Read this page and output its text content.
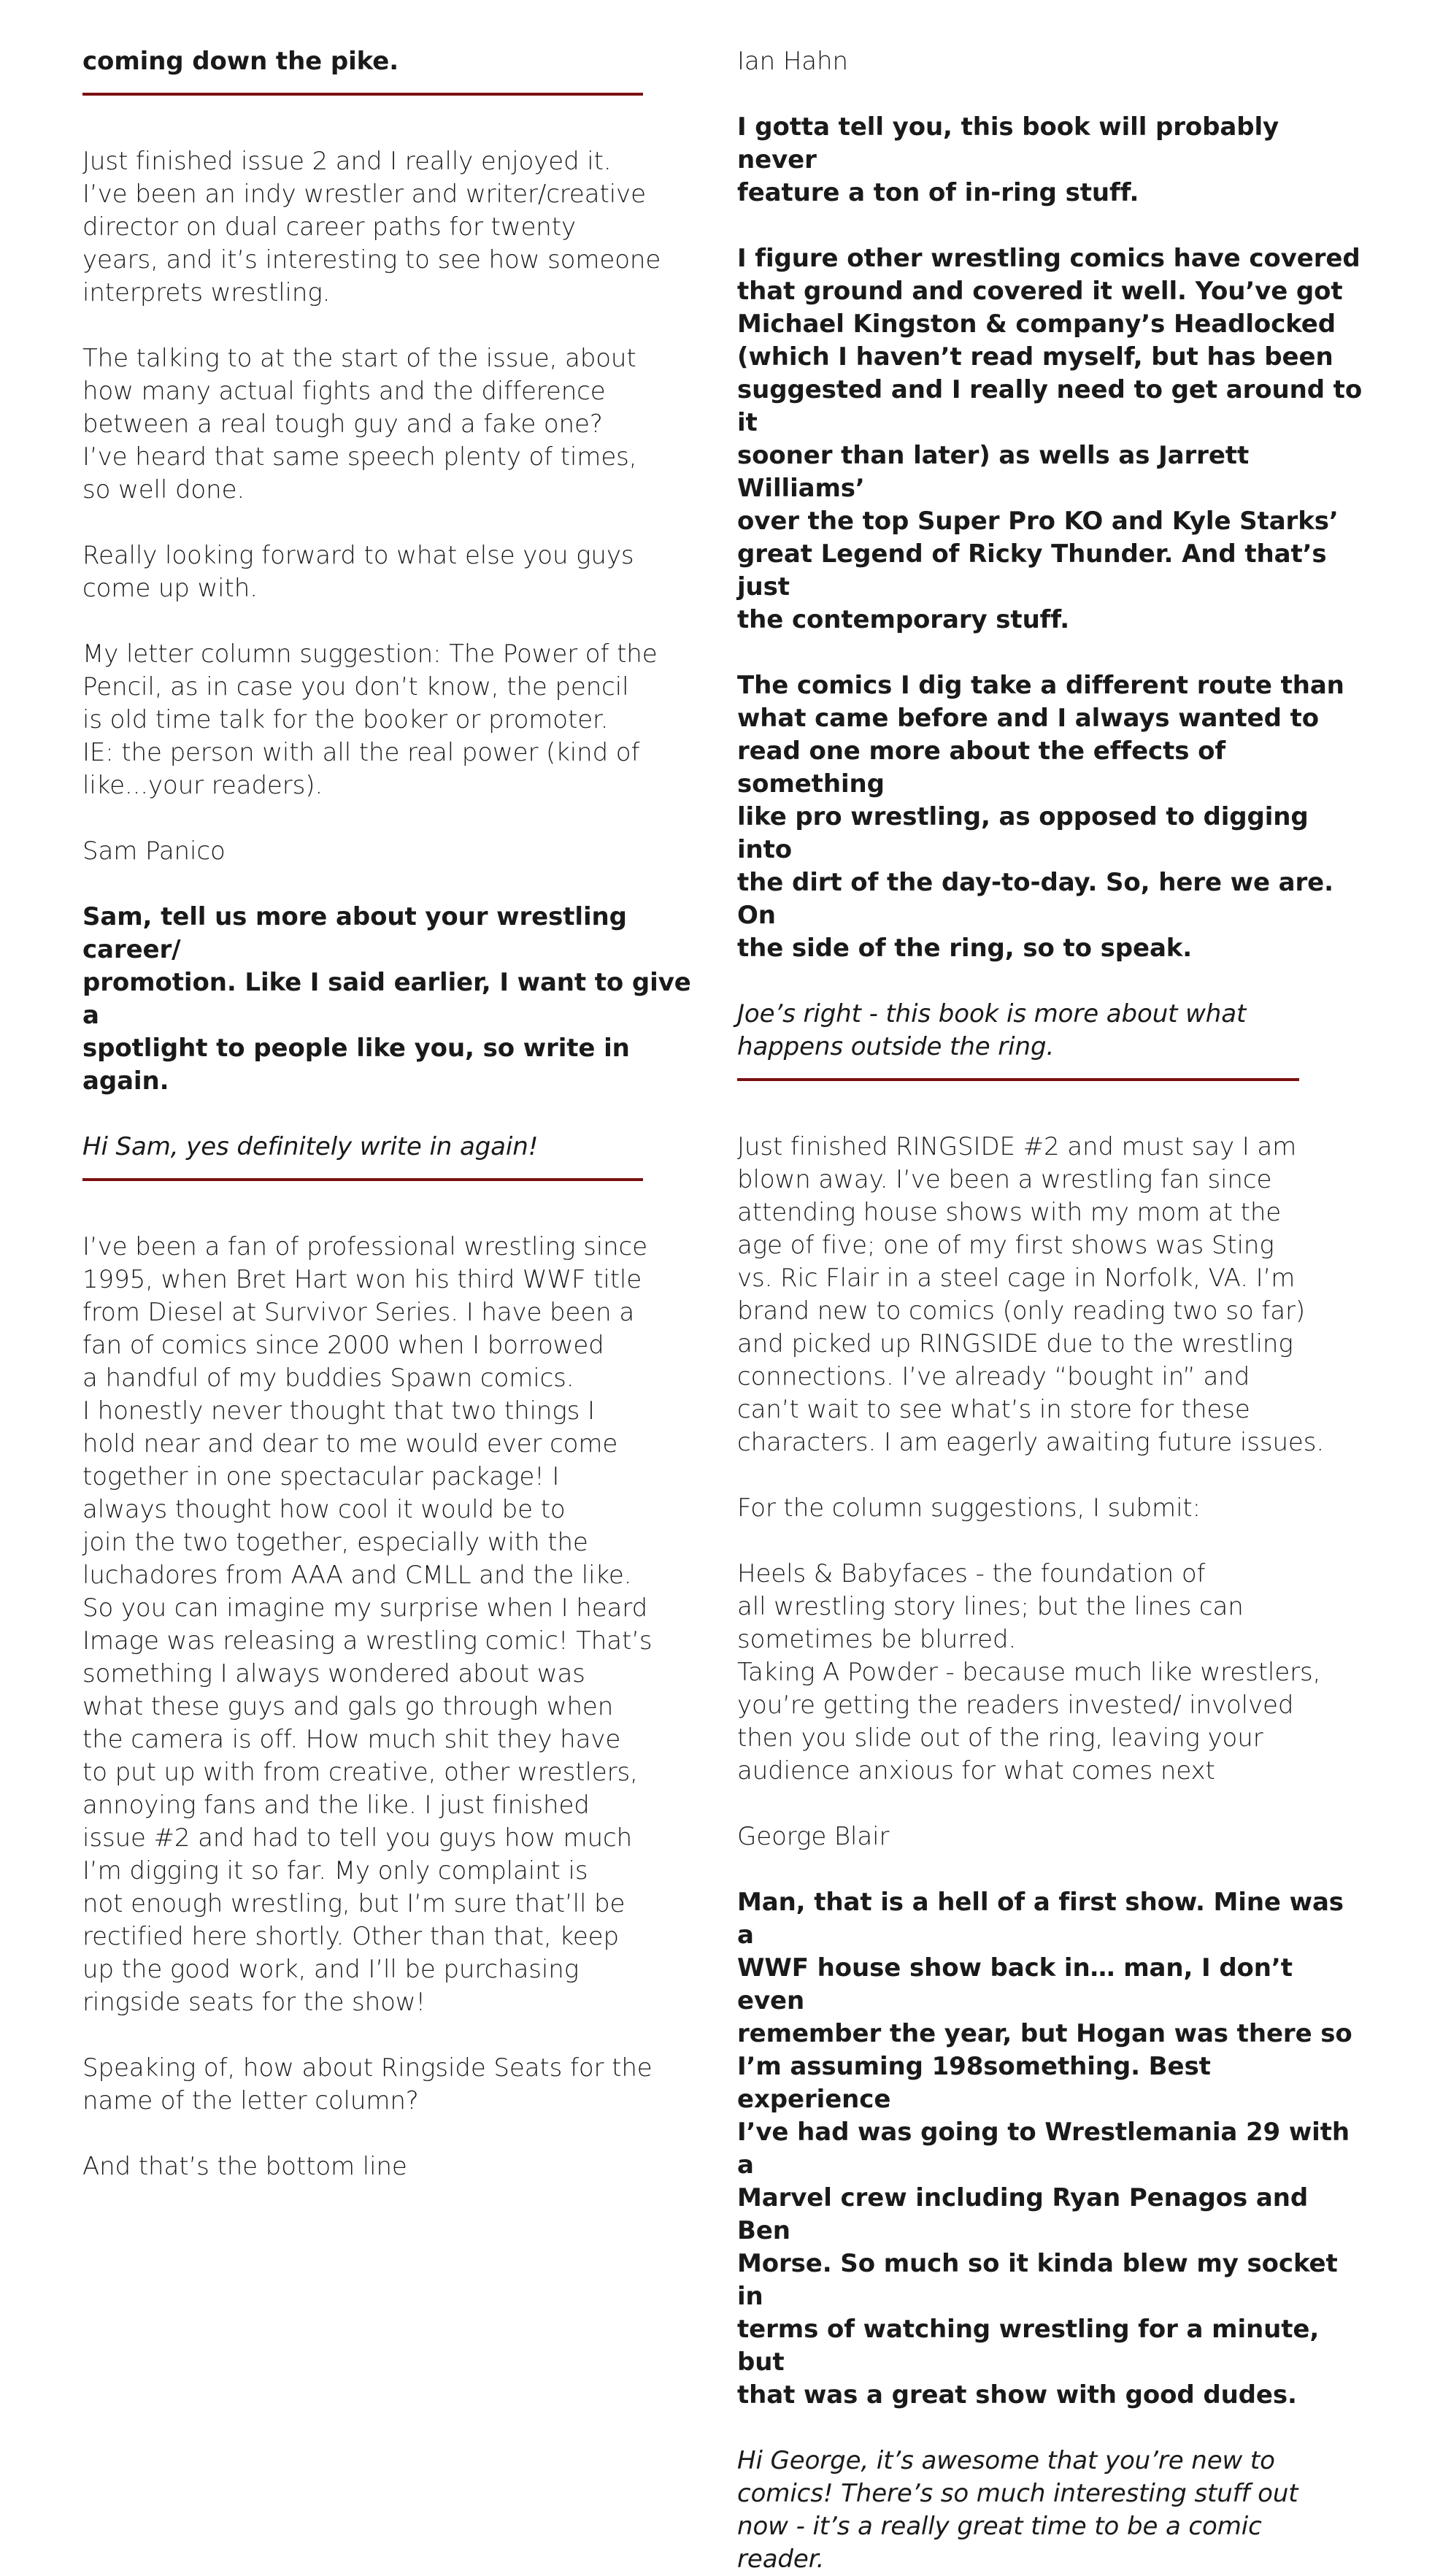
coming down the pike.

Just finished issue 2 and I really enjoyed it.
I’ve been an indy wrestler and writer/creative
director on dual career paths for twenty
years, and it’s interesting to see how someone
interprets wrestling.

The talking to at the start of the issue, about
how many actual fights and the difference
between a real tough guy and a fake one?
I’ve heard that same speech plenty of times,
so well done.

Really looking forward to what else you guys
come up with.

My letter column suggestion: The Power of the
Pencil, as in case you don’t know, the pencil
is old time talk for the booker or promoter.
IE: the person with all the real power (kind of
like...your readers).

Sam Panico

Sam, tell us more about your wrestling career/
promotion. Like I said earlier, I want to give a
spotlight to people like you, so write in again.

Hi Sam, yes definitely write in again!

I’ve been a fan of professional wrestling since
1995, when Bret Hart won his third WWF title
from Diesel at Survivor Series. I have been a
fan of comics since 2000 when I borrowed
a handful of my buddies Spawn comics.
I honestly never thought that two things I
hold near and dear to me would ever come
together in one spectacular package! I
always thought how cool it would be to
join the two together, especially with the
luchadores from AAA and CMLL and the like.
So you can imagine my surprise when I heard
Image was releasing a wrestling comic! That’s
something I always wondered about was
what these guys and gals go through when
the camera is off. How much shit they have
to put up with from creative, other wrestlers,
annoying fans and the like. I just finished
issue #2 and had to tell you guys how much
I’m digging it so far. My only complaint is
not enough wrestling, but I’m sure that’ll be
rectified here shortly. Other than that, keep
up the good work, and I’ll be purchasing
ringside seats for the show!

Speaking of, how about Ringside Seats for the
name of the letter column?

And that’s the bottom line

Ian Hahn

I gotta tell you, this book will probably never
feature a ton of in-ring stuff.

I figure other wrestling comics have covered
that ground and covered it well. You’ve got
Michael Kingston & company’s Headlocked
(which I haven’t read myself, but has been
suggested and I really need to get around to it
sooner than later) as wells as Jarrett Williams’
over the top Super Pro KO and Kyle Starks’
great Legend of Ricky Thunder. And that’s just
the contemporary stuff.

The comics I dig take a different route than
what came before and I always wanted to
read one more about the effects of something
like pro wrestling, as opposed to digging into
the dirt of the day-to-day. So, here we are. On
the side of the ring, so to speak.

Joe’s right - this book is more about what
happens outside the ring.

Just finished RINGSIDE #2 and must say I am
blown away. I’ve been a wrestling fan since
attending house shows with my mom at the
age of five; one of my first shows was Sting
vs. Ric Flair in a steel cage in Norfolk, VA. I’m
brand new to comics (only reading two so far)
and picked up RINGSIDE due to the wrestling
connections. I’ve already “bought in” and
can’t wait to see what’s in store for these
characters. I am eagerly awaiting future issues.

For the column suggestions, I submit:

Heels & Babyfaces - the foundation of
all wrestling story lines; but the lines can
sometimes be blurred.
Taking A Powder - because much like wrestlers,
you’re getting the readers invested/ involved
then you slide out of the ring, leaving your
audience anxious for what comes next

George Blair

Man, that is a hell of a first show. Mine was a
WWF house show back in… man, I don’t even
remember the year, but Hogan was there so
I’m assuming 198something. Best experience
I’ve had was going to Wrestlemania 29 with a
Marvel crew including Ryan Penagos and Ben
Morse. So much so it kinda blew my socket in
terms of watching wrestling for a minute, but
that was a great show with good dudes.

Hi George, it’s awesome that you’re new to
comics! There’s so much interesting stuff out
now - it’s a really great time to be a comic
reader.
